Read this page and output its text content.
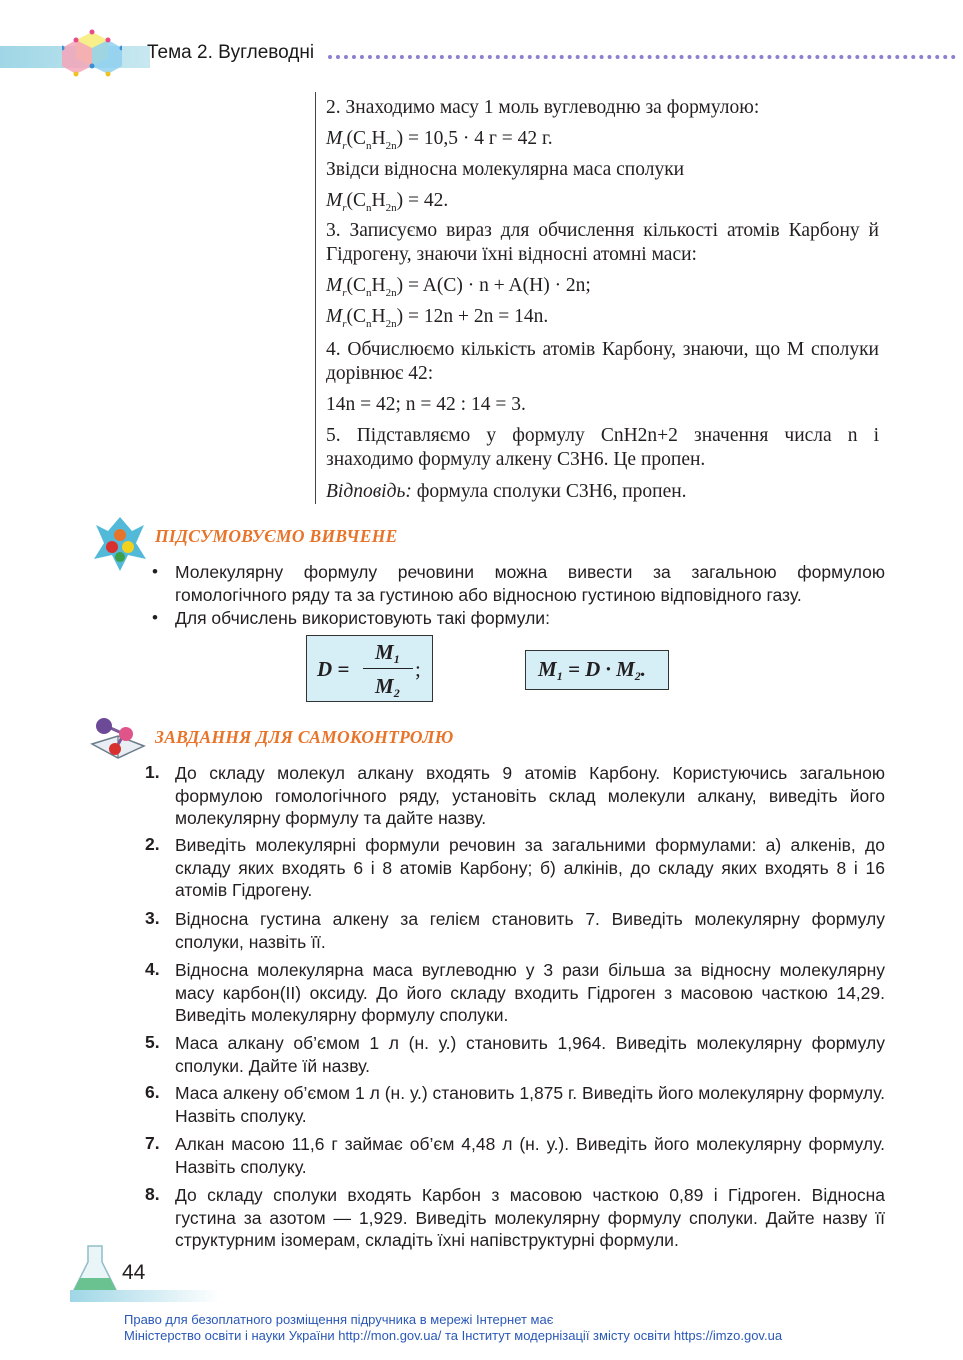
Тема 2. Вуглеводні

2. Знаходимо масу 1 моль вуглеводню за формулою:

$M_r(C_nH_{2n}) = 10,5 \cdot 4$ г = 42 г.

Звідси відносна молекулярна маса сполуки

$M_r(C_nH_{2n}) = 42$.

3. Записуємо вираз для обчислення кількості атомів Карбону й Гідрогену, знаючи їхні відносні атомні маси:

$M_r(C_nH_{2n}) = A(C) \cdot n + A(H) \cdot 2n$;

$M_r(C_nH_{2n}) = 12n + 2n = 14n$.

4. Обчислюємо кількість атомів Карбону, знаючи, що M сполуки дорівнює 42:

14n = 42; n = 42 : 14 = 3.

5. Підставляємо у формулу CnH2n+2 значення числа n і знаходимо формулу алкену C3H6. Це пропен.

Відповідь: формула сполуки C3H6, пропен.

ПІДСУМОВУЄМО ВИВЧЕНЕ
• Молекулярну формулу речовини можна вивести за загальною формулою гомологічного ряду та за густиною або відносною густиною відповідного газу.
• Для обчислень використовують такі формули:
D =
$M_1$
$M_2$
;	$M_1 = D \cdot M_2$.
ЗАВДАННЯ ДЛЯ САМОКОНТРОЛЮ
1. До складу молекул алкану входять 9 атомів Карбону. Користуючись загальною формулою гомологічного ряду, установіть склад молекули алкану, виведіть його молекулярну формулу та дайте назву.

2. Виведіть молекулярні формули речовин за загальними формулами: а) алкенів, до складу яких входять 6 і 8 атомів Карбону; б) алкінів, до складу яких входять 8 і 16 атомів Гідрогену.

3. Відносна густина алкену за гелієм становить 7. Виведіть молекулярну формулу сполуки, назвіть її.

4. Відносна молекулярна маса вуглеводню у 3 рази більша за відносну молекулярну масу карбон(ІІ) оксиду. До його складу входить Гідроген з масовою часткою 14,29. Виведіть молекулярну формулу сполуки.

5. Маса алкану об’ємом 1 л (н. у.) становить 1,964. Виведіть молекулярну формулу сполуки. Дайте їй назву.

6. Маса алкену об’ємом 1 л (н. у.) становить 1,875 г. Виведіть його молекулярну формулу. Назвіть сполуку.

7. Алкан масою 11,6 г займає об’єм 4,48 л (н. у.). Виведіть його молекулярну формулу. Назвіть сполуку.

8. До складу сполуки входять Карбон з масовою часткою 0,89 і Гідроген. Відносна густина за азотом — 1,929. Виведіть молекулярну формулу сполуки. Дайте назву її структурним ізомерам, складіть їхні напівструктурні формули.

44
Право для безоплатного розміщення підручника в мережі Інтернет має
Міністерство освіти і науки України http://mon.gov.ua/ та Інститут модернізації змісту освіти https://imzo.gov.ua
